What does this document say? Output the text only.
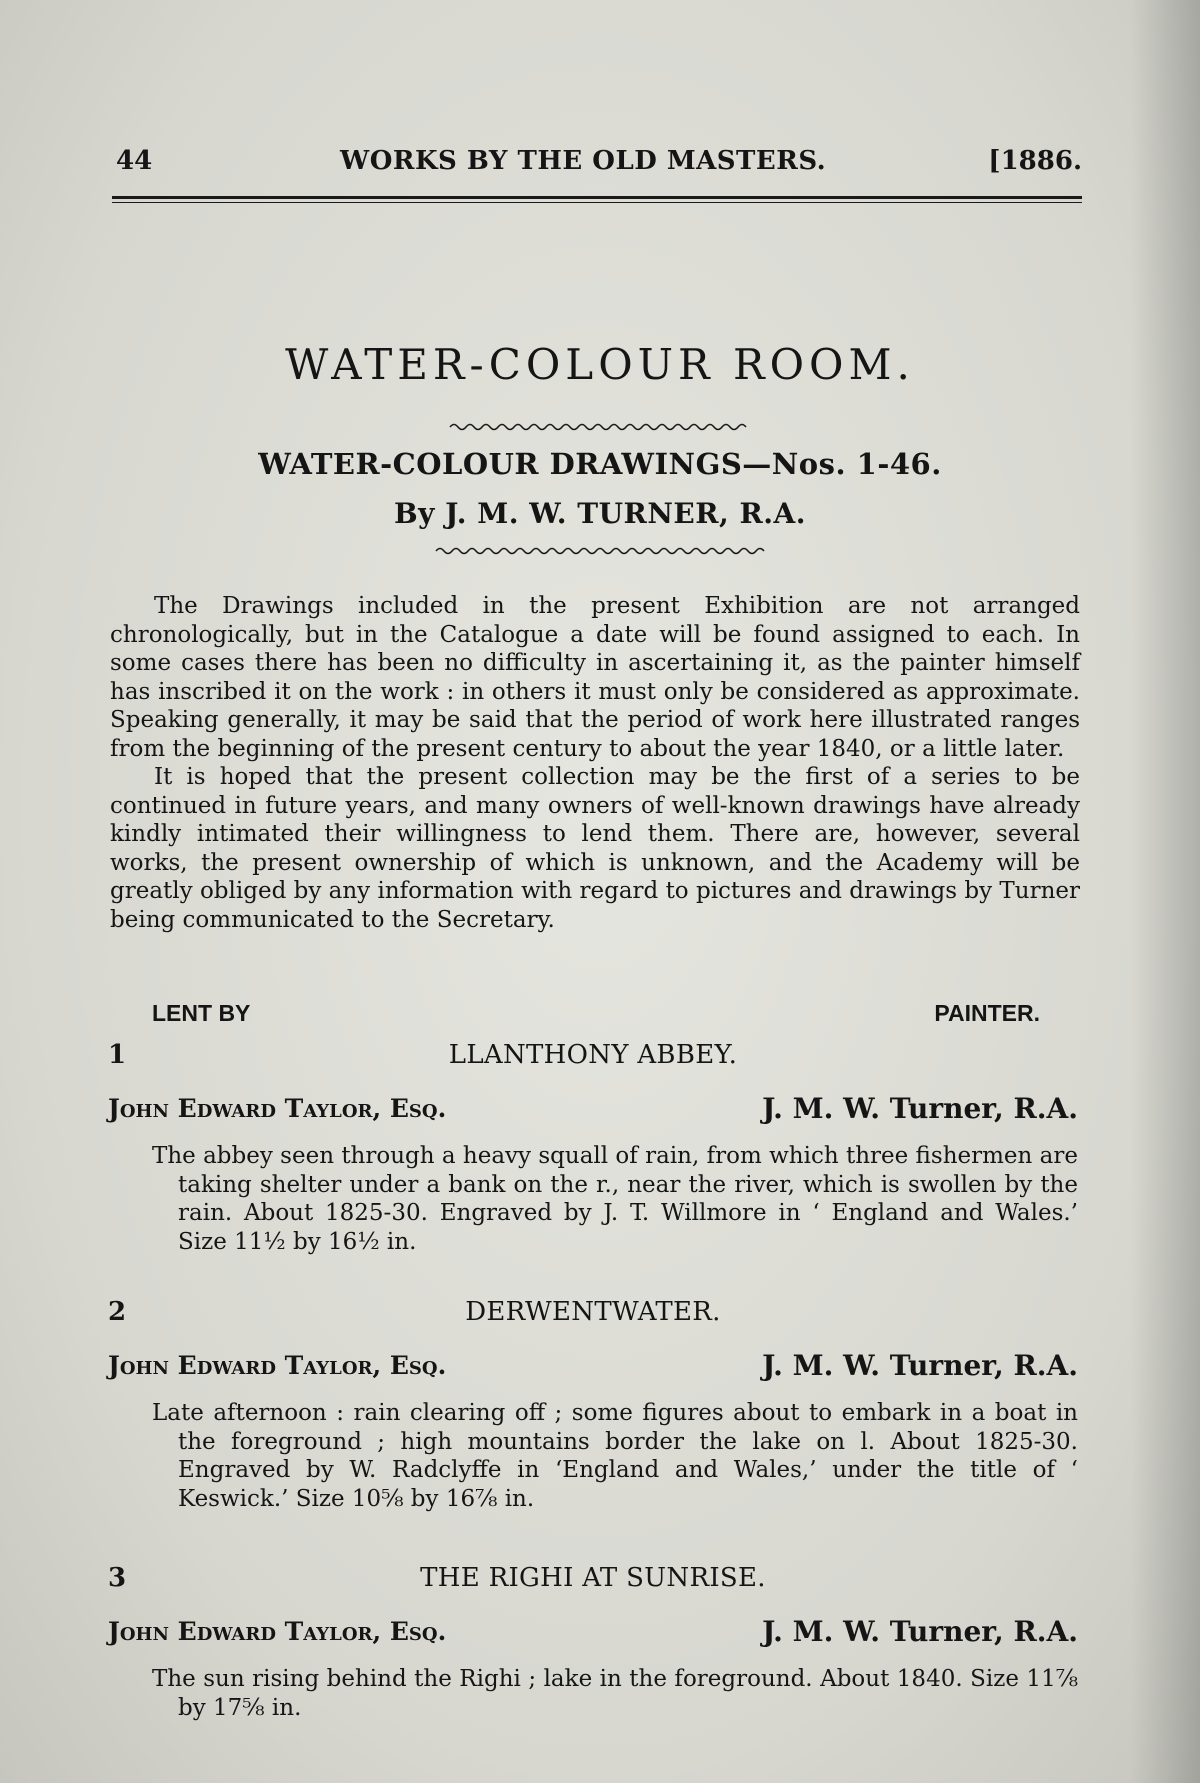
44	WORKS BY THE OLD MASTERS.	[1886.
WATER-COLOUR ROOM.
WATER-COLOUR DRAWINGS—Nos. 1-46.
By J. M. W. TURNER, R.A.

The Drawings included in the present Exhibition are not arranged chronologically, but in the Catalogue a date will be found assigned to each. In some cases there has been no difficulty in ascertaining it, as the painter himself has inscribed it on the work : in others it must only be considered as approximate. Speaking generally, it may be said that the period of work here illustrated ranges from the beginning of the present century to about the year 1840, or a little later.

It is hoped that the present collection may be the first of a series to be continued in future years, and many owners of well-known drawings have already kindly intimated their willingness to lend them. There are, however, several works, the present ownership of which is unknown, and the Academy will be greatly obliged by any information with regard to pictures and drawings by Turner being communicated to the Secretary.

LENT BY	PAINTER.
1	LLANTHONY ABBEY.
John Edward Taylor, Esq.	J. M. W. Turner, R.A.
The abbey seen through a heavy squall of rain, from which three fishermen are taking shelter under a bank on the r., near the river, which is swollen by the rain. About 1825-30. Engraved by J. T. Willmore in ‘ England and Wales.’ Size 11½ by 16½ in.
2	DERWENTWATER.
John Edward Taylor, Esq.	J. M. W. Turner, R.A.
Late afternoon : rain clearing off ; some figures about to embark in a boat in the foreground ; high mountains border the lake on l. About 1825-30. Engraved by W. Radclyffe in ‘England and Wales,’ under the title of ‘ Keswick.’ Size 10⅝ by 16⅞ in.
3	THE RIGHI AT SUNRISE.
John Edward Taylor, Esq.	J. M. W. Turner, R.A.
The sun rising behind the Righi ; lake in the foreground. About 1840. Size 11⅞ by 17⅝ in.
